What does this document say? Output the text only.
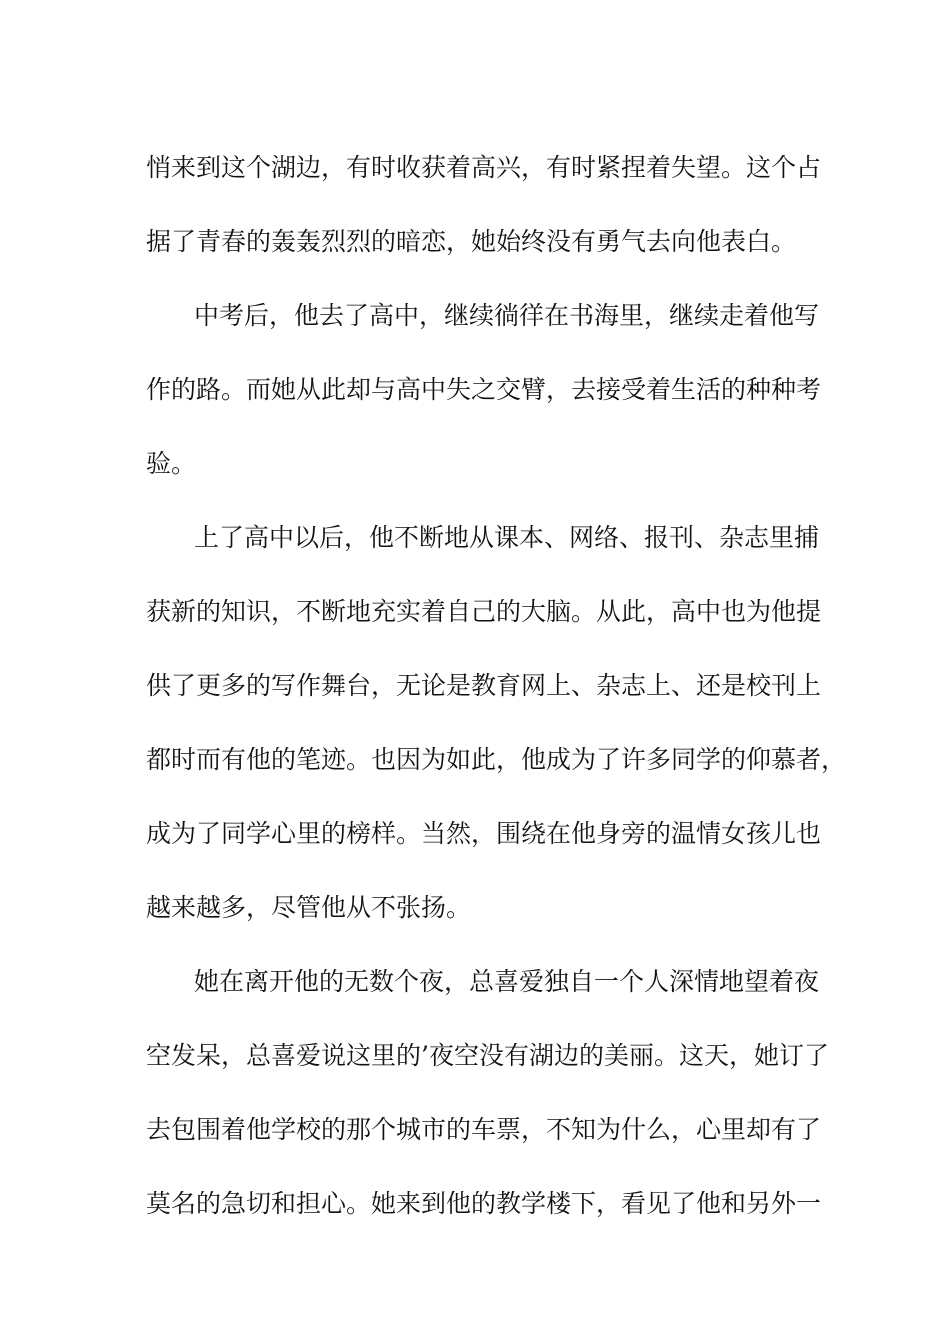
悄来到这个湖边，有时收获着高兴，有时紧捏着失望。这个占
据了青春的轰轰烈烈的暗恋，她始终没有勇气去向他表白。

中考后，他去了高中，继续徜徉在书海里，继续走着他写
作的路。而她从此却与高中失之交臂，去接受着生活的种种考
验。

上了高中以后，他不断地从课本、网络、报刊、杂志里捕
获新的知识，不断地充实着自己的大脑。从此，高中也为他提
供了更多的写作舞台，无论是教育网上、杂志上、还是校刊上
都时而有他的笔迹。也因为如此，他成为了许多同学的仰慕者，
成为了同学心里的榜样。当然，围绕在他身旁的温情女孩儿也
越来越多，尽管他从不张扬。

她在离开他的无数个夜，总喜爱独自一个人深情地望着夜
空发呆，总喜爱说这里的’夜空没有湖边的美丽。这天，她订了
去包围着他学校的那个城市的车票，不知为什么，心里却有了
莫名的急切和担心。她来到他的教学楼下，看见了他和另外一
